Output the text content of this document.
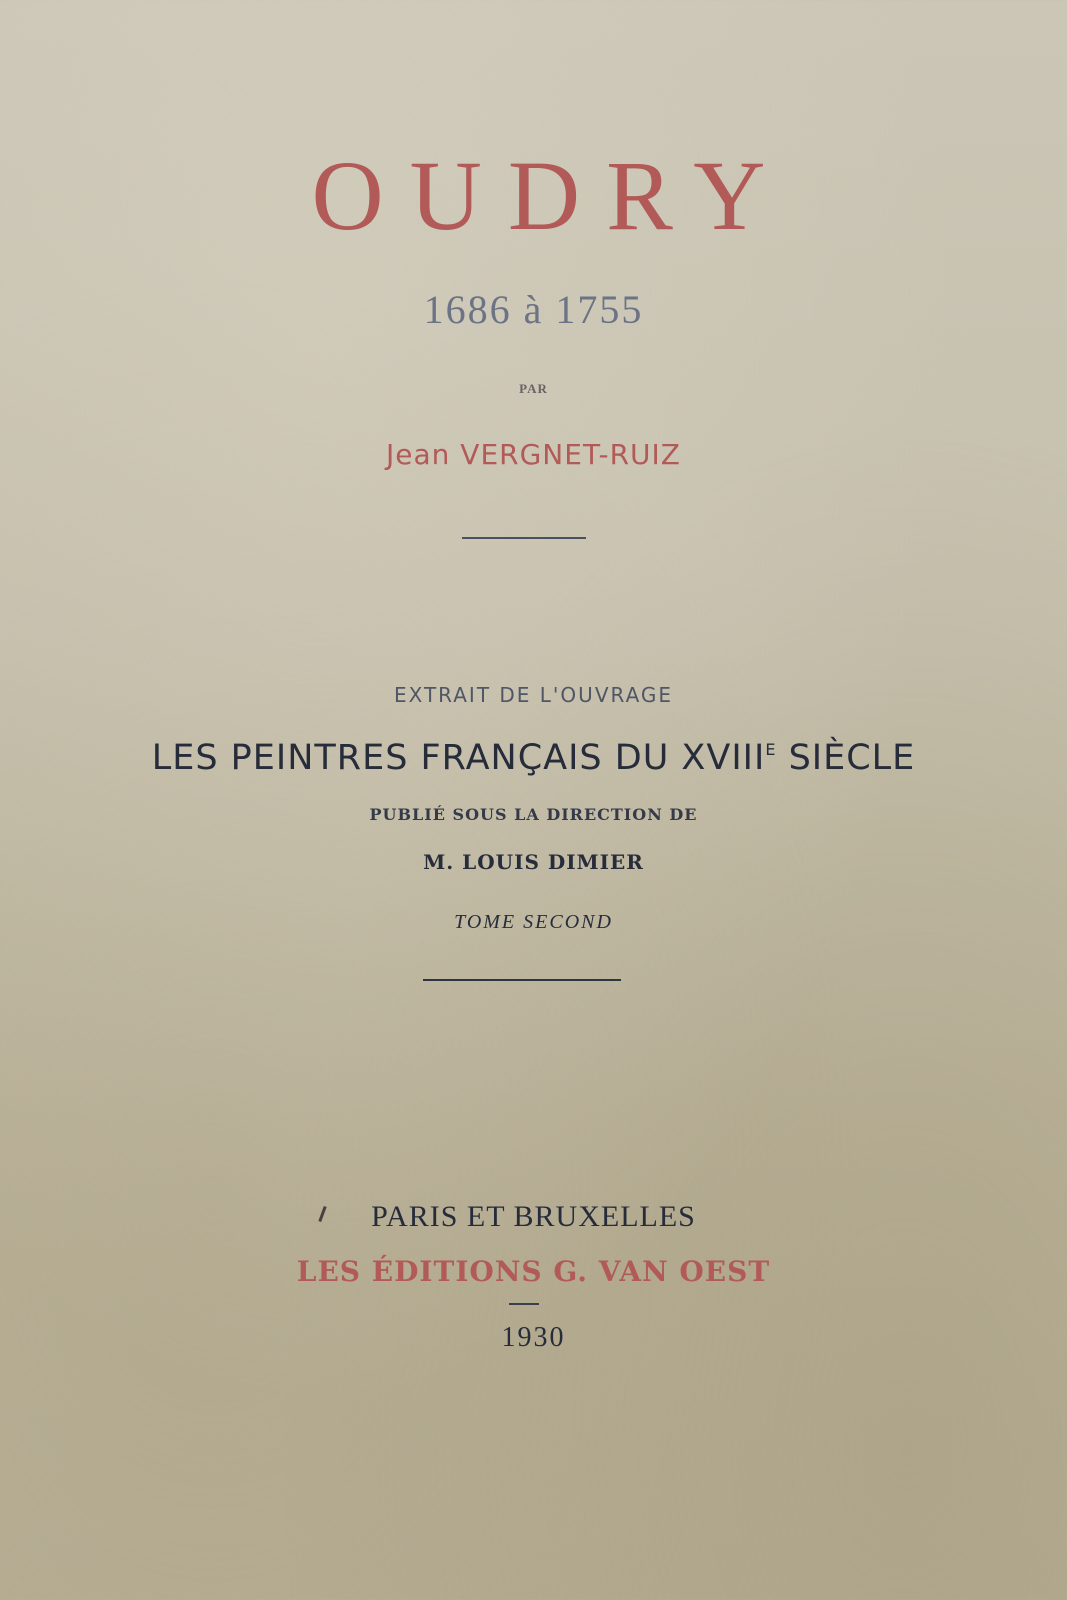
OUDRY
1686 à 1755
PAR
Jean VERGNET-RUIZ
EXTRAIT DE L'OUVRAGE
LES PEINTRES FRANÇAIS DU $XVIII^E$ SIÈCLE
PUBLIÉ SOUS LA DIRECTION DE
M. LOUIS DIMIER
TOME SECOND
PARIS ET BRUXELLES
LES ÉDITIONS G. VAN OEST
1930
